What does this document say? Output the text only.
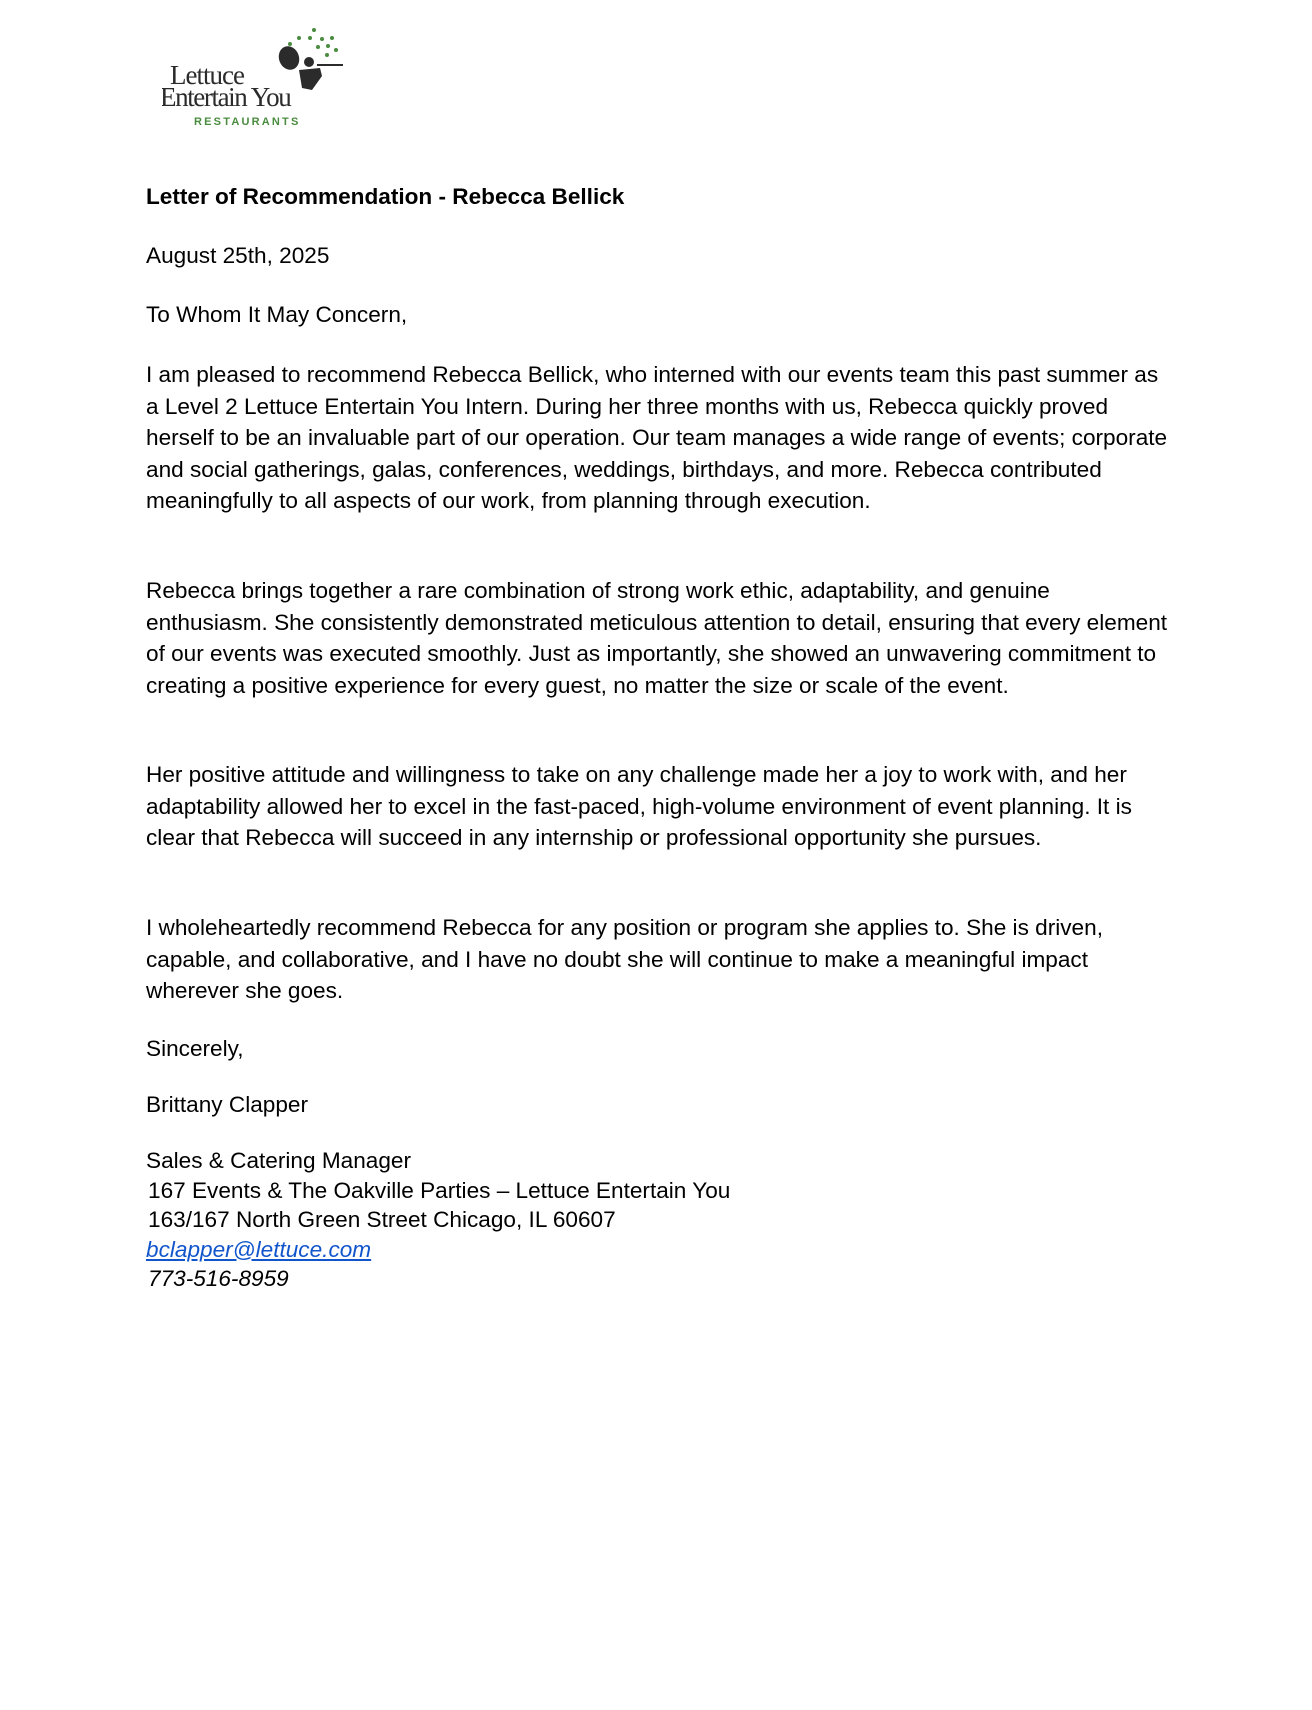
Lettuce
Entertain You
RESTAURANTS

Letter of Recommendation - Rebecca Bellick

August 25th, 2025

To Whom It May Concern,

I am pleased to recommend Rebecca Bellick, who interned with our events team this past summer as a Level 2 Lettuce Entertain You Intern. During her three months with us, Rebecca quickly proved herself to be an invaluable part of our operation. Our team manages a wide range of events; corporate and social gatherings, galas, conferences, weddings, birthdays, and more. Rebecca contributed meaningfully to all aspects of our work, from planning through execution.

Rebecca brings together a rare combination of strong work ethic, adaptability, and genuine enthusiasm. She consistently demonstrated meticulous attention to detail, ensuring that every element of our events was executed smoothly. Just as importantly, she showed an unwavering commitment to creating a positive experience for every guest, no matter the size or scale of the event.

Her positive attitude and willingness to take on any challenge made her a joy to work with, and her adaptability allowed her to excel in the fast-paced, high-volume environment of event planning. It is clear that Rebecca will succeed in any internship or professional opportunity she pursues.

I wholeheartedly recommend Rebecca for any position or program she applies to. She is driven, capable, and collaborative, and I have no doubt she will continue to make a meaningful impact wherever she goes.

Sincerely,

Brittany Clapper

Sales & Catering Manager
167 Events & The Oakville Parties – Lettuce Entertain You
163/167 North Green Street Chicago, IL 60607
bclapper@lettuce.com
773-516-8959
